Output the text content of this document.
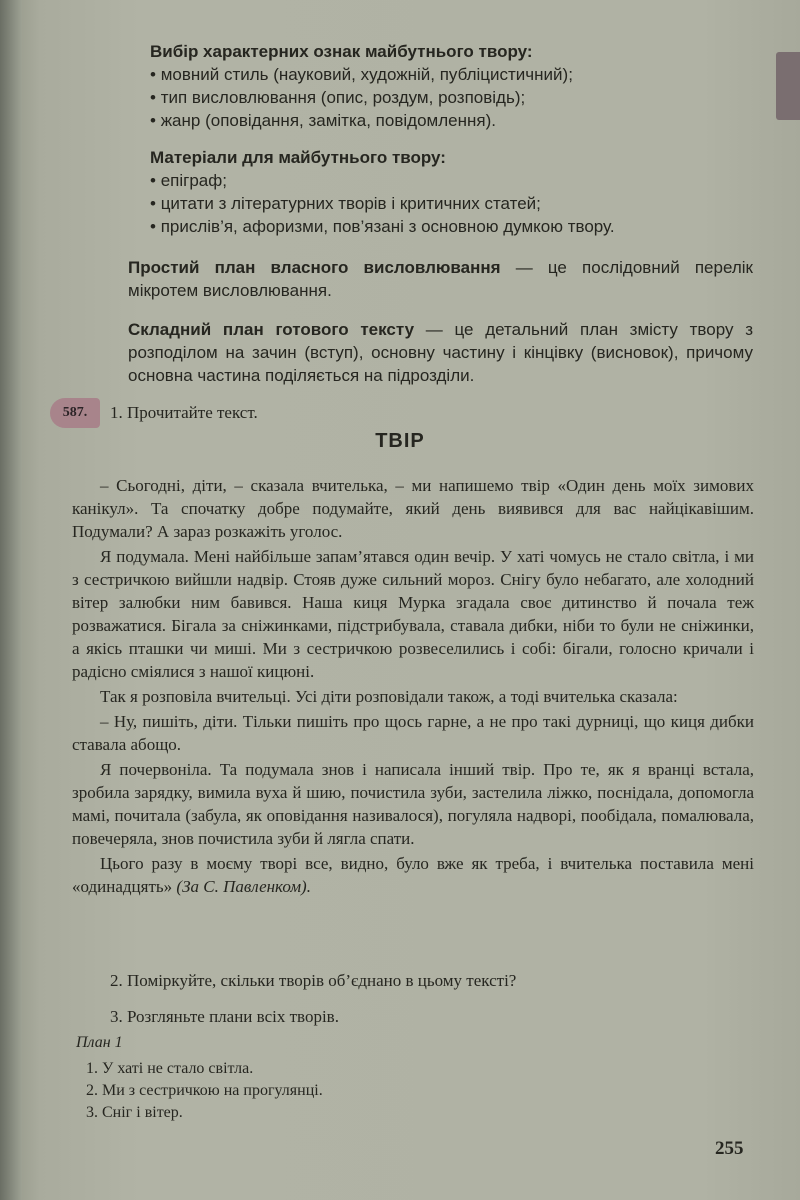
Вибір характерних ознак майбутнього твору:
• мовний стиль (науковий, художній, публіцистичний);
• тип висловлювання (опис, роздум, розповідь);
• жанр (оповідання, замітка, повідомлення).
Матеріали для майбутнього твору:
• епіграф;
• цитати з літературних творів і критичних статей;
• прислів’я, афоризми, пов’язані з основною думкою твору.
Простий план власного висловлювання — це послідовний перелік мікротем висловлювання.
Складний план готового тексту — це детальний план змісту твору з розподілом на зачин (вступ), основну частину і кінцівку (висновок), причому основна частина поділяється на підрозділи.
587.	1. Прочитайте текст.
ТВІР

– Сьогодні, діти, – сказала вчителька, – ми напишемо твір «Один день моїх зимових канікул». Та спочатку добре подумайте, який день виявився для вас найцікавішим. Подумали? А зараз розкажіть уголос.

Я подумала. Мені найбільше запам’ятався один вечір. У хаті чомусь не стало світла, і ми з сестричкою вийшли надвір. Стояв дуже сильний мороз. Снігу було небагато, але холодний вітер залюбки ним бавився. Наша киця Мурка згадала своє дитинство й почала теж розважатися. Бігала за сніжинками, підстрибувала, ставала дибки, ніби то були не сніжинки, а якісь пташки чи миші. Ми з сестричкою розвеселились і собі: бігали, голосно кричали і радісно сміялися з нашої кицюні.

Так я розповіла вчительці. Усі діти розповідали також, а тоді вчителька сказала:

– Ну, пишіть, діти. Тільки пишіть про щось гарне, а не про такі дурниці, що киця дибки ставала абощо.

Я почервоніла. Та подумала знов і написала інший твір. Про те, як я вранці встала, зробила зарядку, вимила вуха й шию, почистила зуби, застелила ліжко, поснідала, допомогла мамі, почитала (забула, як оповідання називалося), погуляла надворі, пообідала, помалювала, повечеряла, знов почистила зуби й лягла спати.

Цього разу в моєму творі все, видно, було вже як треба, і вчителька поставила мені «одинадцять» (За С. Павленком).

2. Поміркуйте, скільки творів об’єднано в цьому тексті?
3. Розгляньте плани всіх творів.
План 1
1. У хаті не стало світла.
2. Ми з сестричкою на прогулянці.
3. Сніг і вітер.
255
